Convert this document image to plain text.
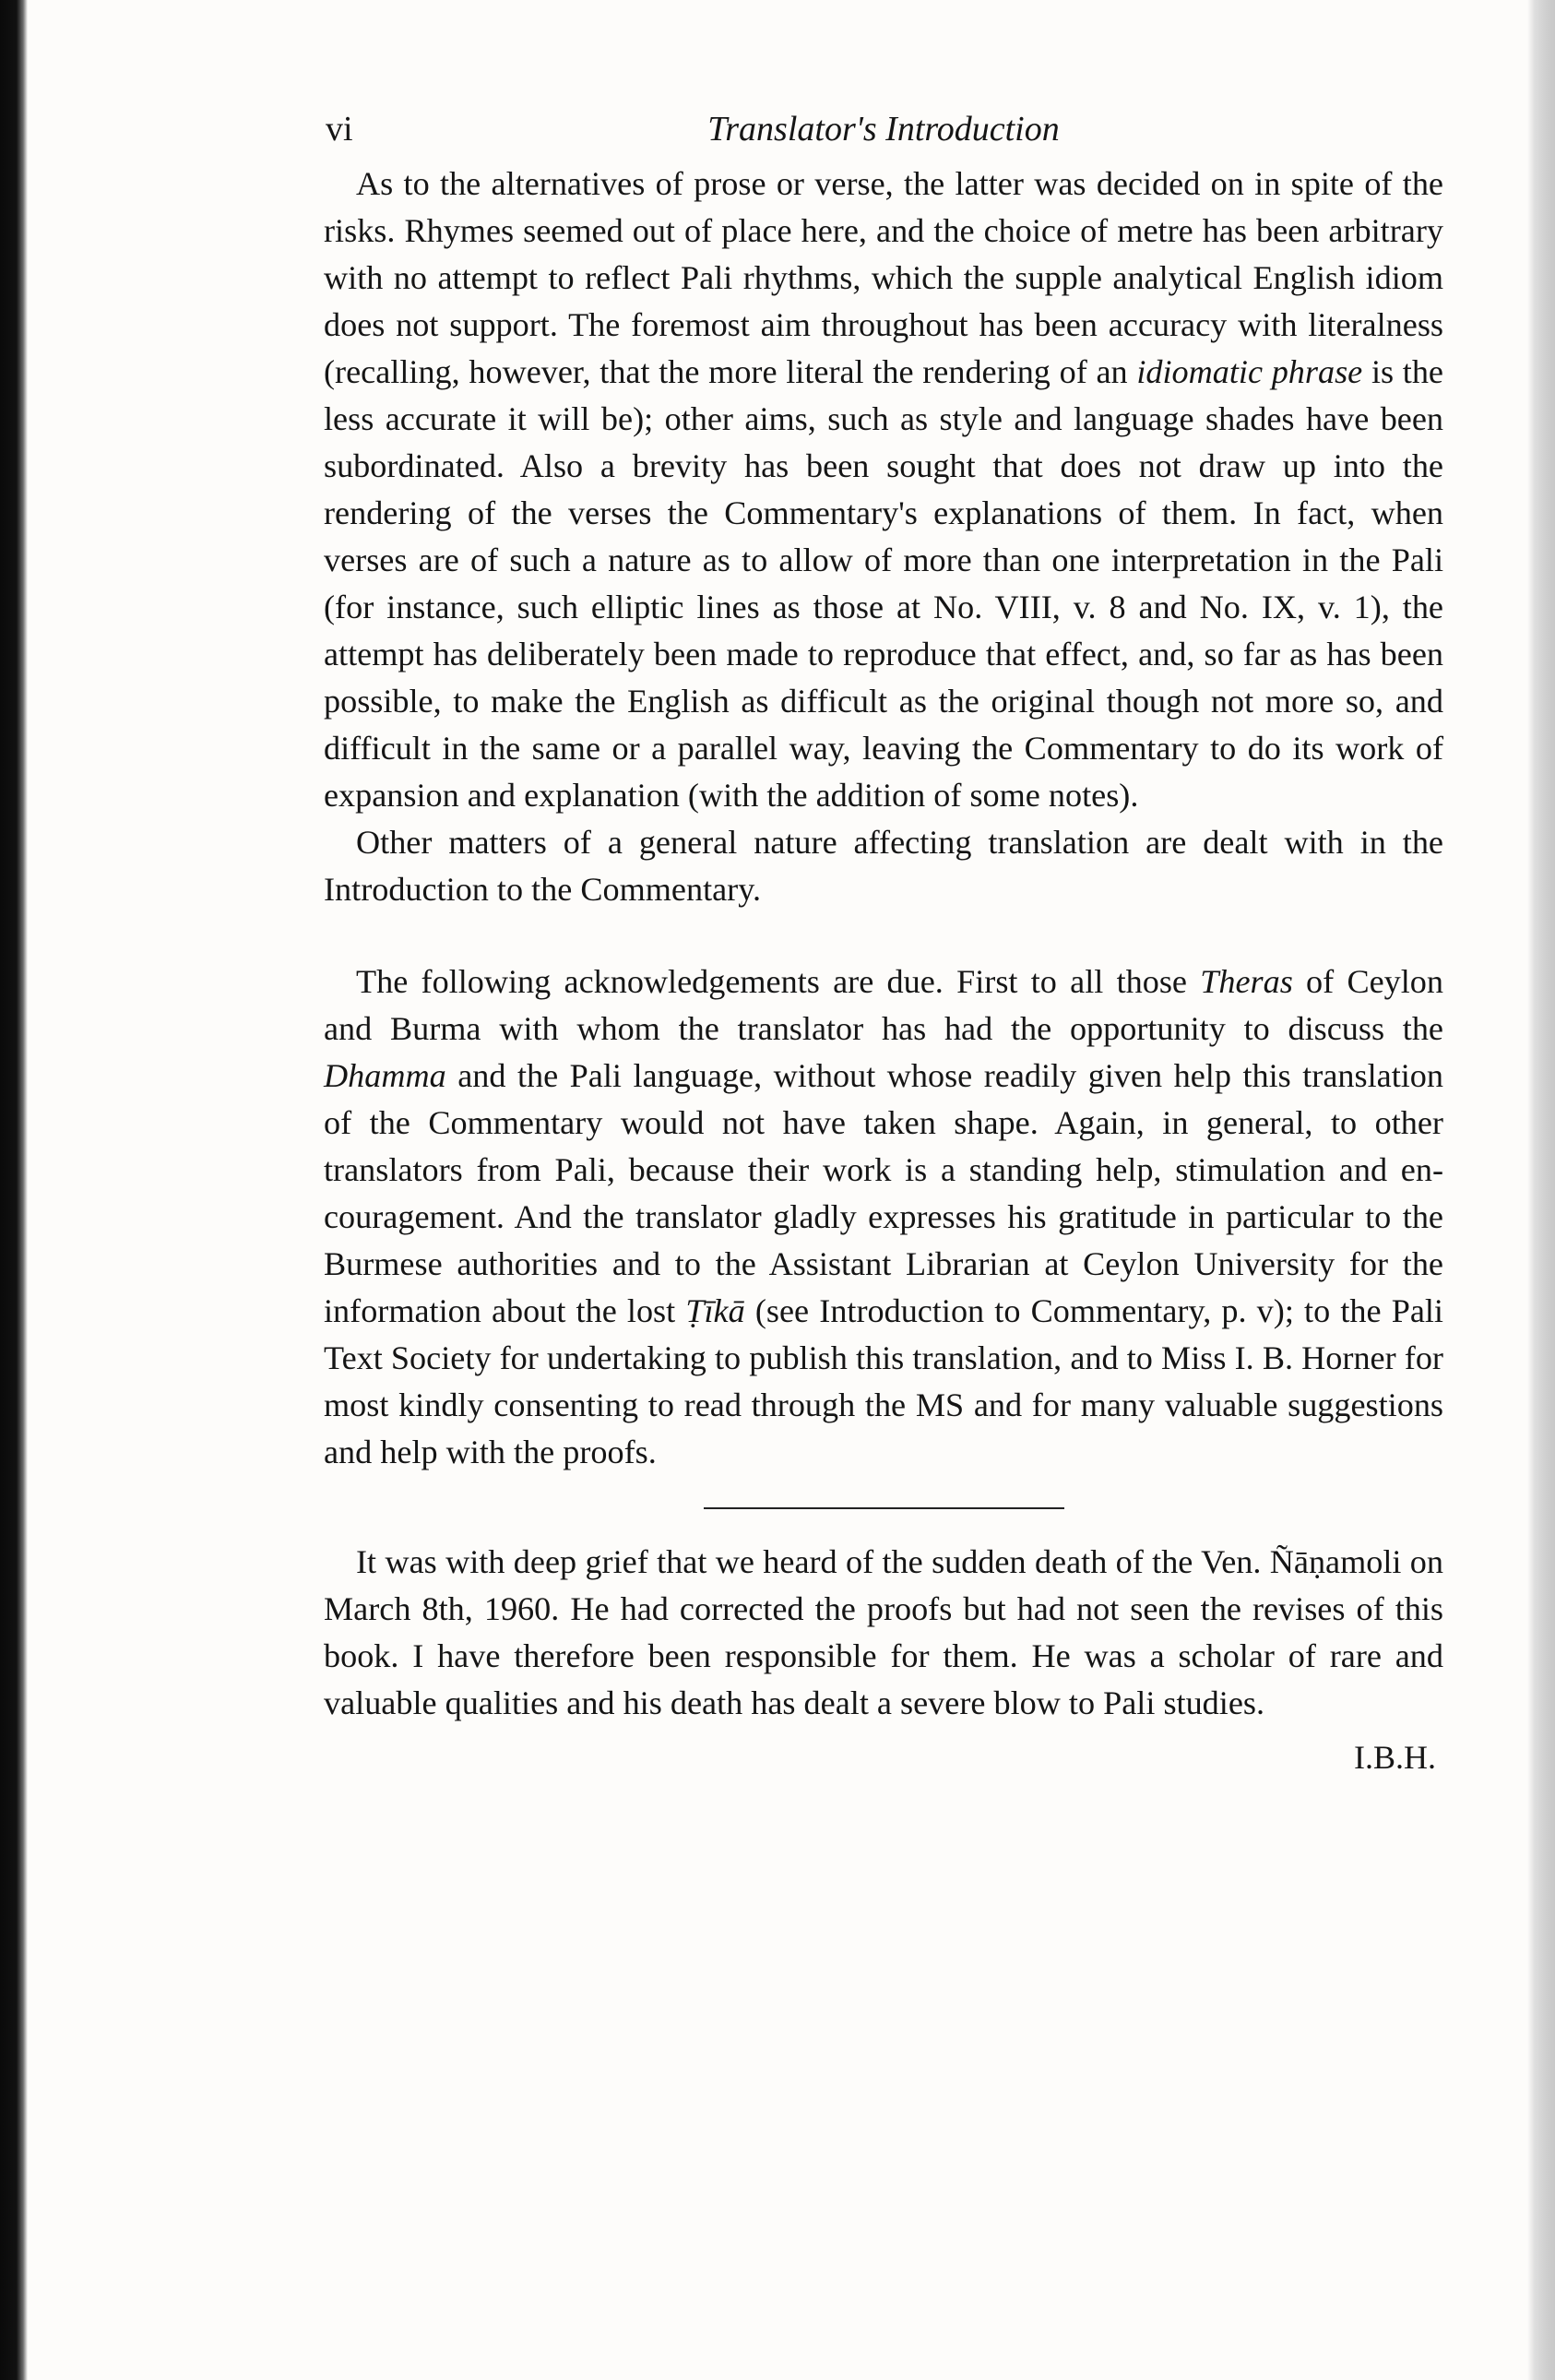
vi	Translator's Introduction

As to the alternatives of prose or verse, the latter was decided on in spite of the risks. Rhymes seemed out of place here, and the choice of metre has been arbitrary with no attempt to reflect Pali rhythms, which the supple analytical English idiom does not support. The foremost aim throughout has been accuracy with literalness (recalling, however, that the more literal the rendering of an idiomatic phrase is the less accurate it will be); other aims, such as style and language shades have been subordinated. Also a brevity has been sought that does not draw up into the rendering of the verses the Commentary's explanations of them. In fact, when verses are of such a nature as to allow of more than one interpretation in the Pali (for instance, such elliptic lines as those at No. VIII, v. 8 and No. IX, v. 1), the attempt has deliberately been made to reproduce that effect, and, so far as has been possible, to make the English as difficult as the original though not more so, and difficult in the same or a parallel way, leaving the Commentary to do its work of expansion and explanation (with the addition of some notes).

Other matters of a general nature affecting translation are dealt with in the Introduction to the Commentary.

The following acknowledgements are due. First to all those Theras of Ceylon and Burma with whom the translator has had the opportunity to discuss the Dhamma and the Pali language, without whose readily given help this translation of the Commentary would not have taken shape. Again, in general, to other translators from Pali, because their work is a standing help, stimulation and encouragement. And the translator gladly expresses his gratitude in particular to the Burmese authorities and to the Assistant Librarian at Ceylon University for the information about the lost Ṭīkā (see Introduction to Commentary, p. v); to the Pali Text Society for undertaking to publish this translation, and to Miss I. B. Horner for most kindly consenting to read through the MS and for many valuable suggestions and help with the proofs.

It was with deep grief that we heard of the sudden death of the Ven. Ñāṇamoli on March 8th, 1960. He had corrected the proofs but had not seen the revises of this book. I have therefore been responsible for them. He was a scholar of rare and valuable qualities and his death has dealt a severe blow to Pali studies.

I.B.H.
